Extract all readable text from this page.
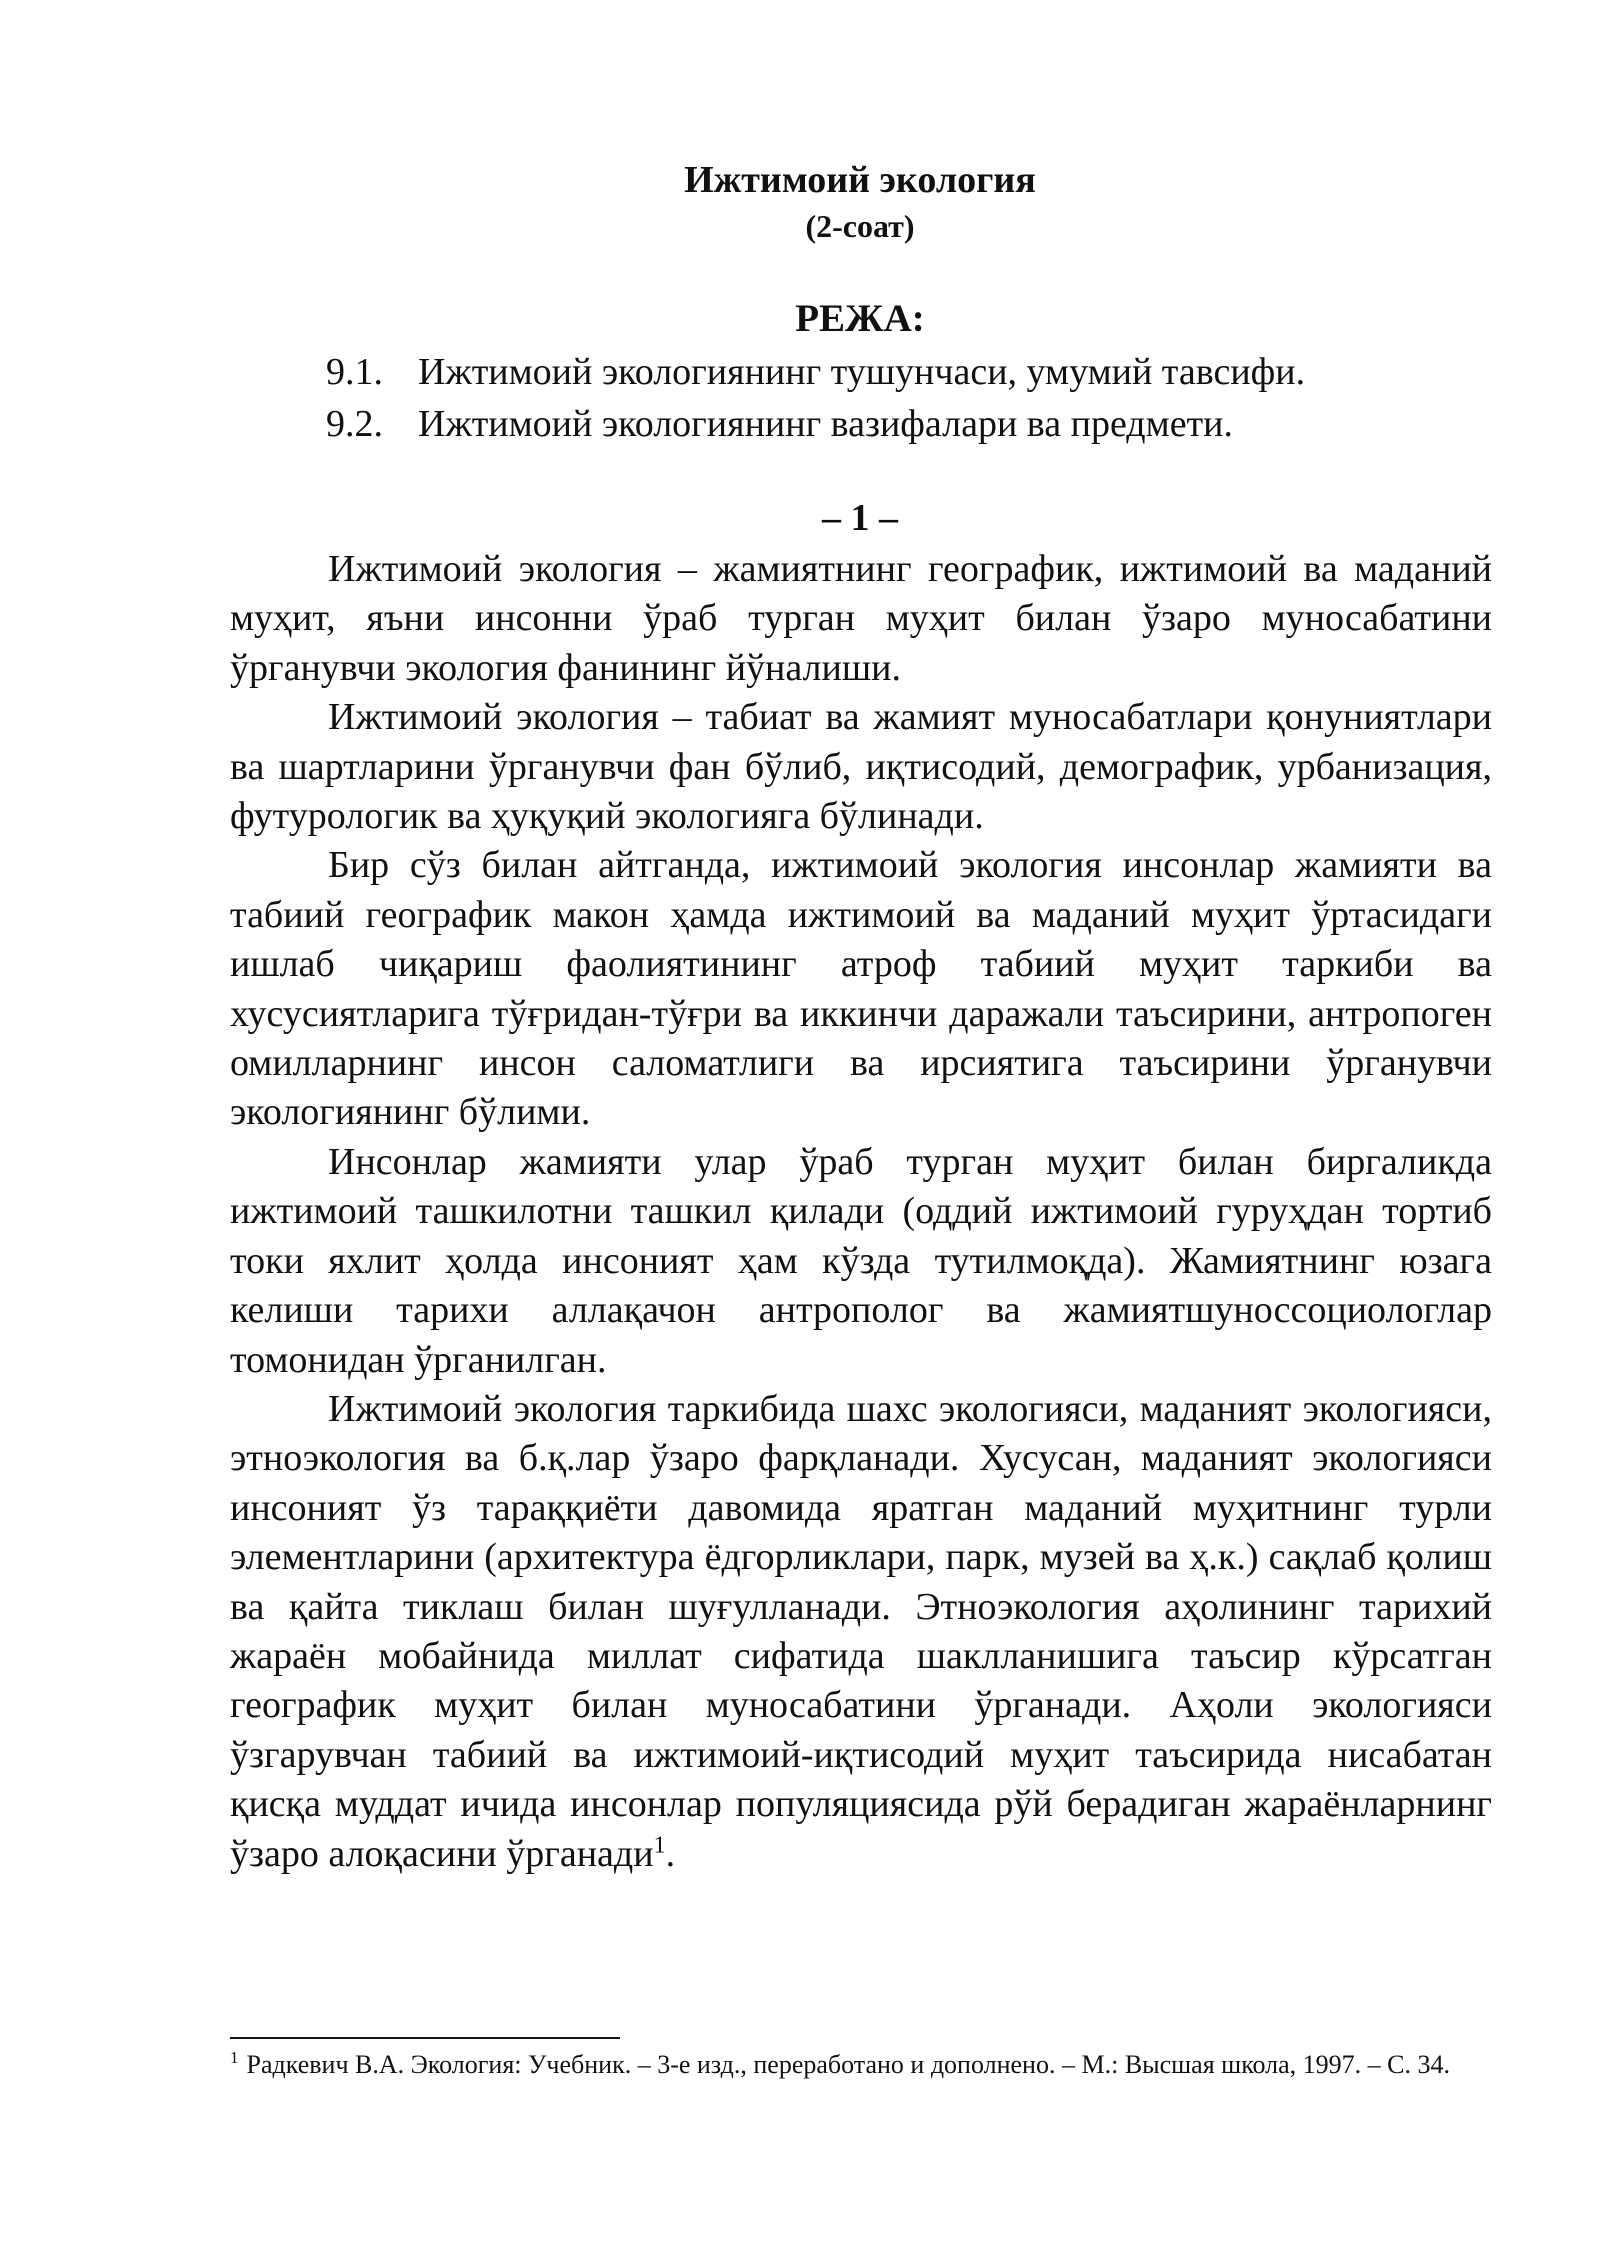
Ижтимоий экология
(2-соат)
РЕЖА:
9.1. Ижтимоий экологиянинг тушунчаси, умумий тавсифи.
9.2. Ижтимоий экологиянинг вазифалари ва предмети.
– 1 –

Ижтимоий экология – жамиятнинг географик, ижтимоий ва маданий муҳит, яъни инсонни ўраб турган муҳит билан ўзаро муносабатини ўрганувчи экология фанининг йўналиши.

Ижтимоий экология – табиат ва жамият муносабатлари қонуниятлари ва шартларини ўрганувчи фан бўлиб, иқтисодий, демографик, урбанизация, футурологик ва ҳуқуқий экологияга бўлинади.

Бир сўз билан айтганда, ижтимоий экология инсонлар жамияти ва табиий географик макон ҳамда ижтимоий ва маданий муҳит ўртасидаги ишлаб чиқариш фаолиятининг атроф табиий муҳит таркиби ва хусусиятларига тўғридан-тўғри ва иккинчи даражали таъсирини, антропоген омилларнинг инсон саломатлиги ва ирсиятига таъсирини ўрганувчи экологиянинг бўлими.

Инсонлар жамияти улар ўраб турган муҳит билан биргаликда ижтимоий ташкилотни ташкил қилади (оддий ижтимоий гуруҳдан тортиб токи яхлит ҳолда инсоният ҳам кўзда тутилмоқда). Жамиятнинг юзага келиши тарихи аллақачон антрополог ва жамиятшуноссоциологлар томонидан ўрганилган.

Ижтимоий экология таркибида шахс экологияси, маданият экологияси, этноэкология ва б.қ.лар ўзаро фарқланади. Хусусан, маданият экологияси инсоният ўз тараққиёти давомида яратган маданий муҳитнинг турли элементларини (архитектура ёдгорликлари, парк, музей ва ҳ.к.) сақлаб қолиш ва қайта тиклаш билан шуғулланади. Этноэкология аҳолининг тарихий жараён мобайнида миллат сифатида шаклланишига таъсир кўрсатган географик муҳит билан муносабатини ўрганади. Аҳоли экологияси ўзгарувчан табиий ва ижтимоий-иқтисодий муҳит таъсирида нисабатан қисқа муддат ичида инсонлар популяциясида рўй берадиган жараёнларнинг ўзаро алоқасини ўрганади$^1$.

$^1$ Радкевич В.А. Экология: Учебник. – 3-е изд., переработано и дополнено. – М.: Высшая школа, 1997. – С. 34.
